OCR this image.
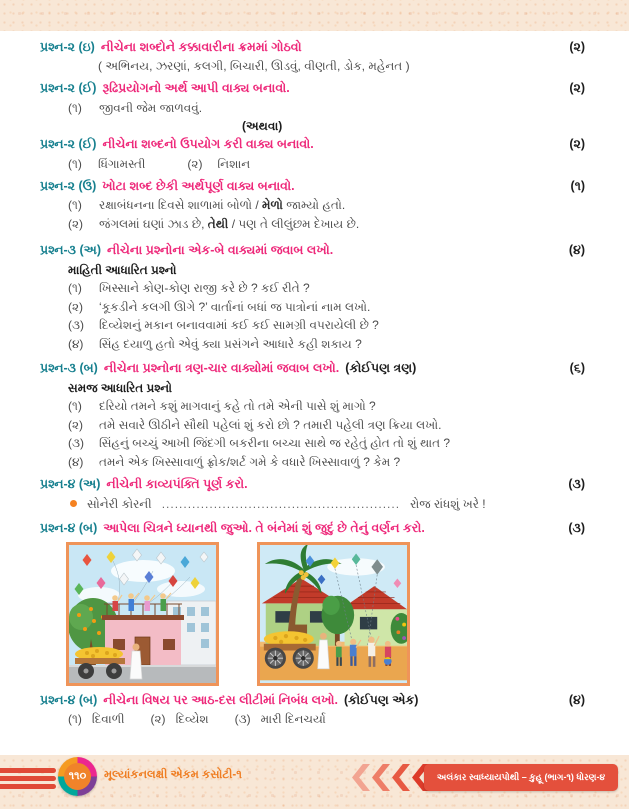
પ્રશ્ન-૨ (ઇ) નીચેના શબ્દોને કક્કાવારીના ક્રમમાં ગોઠવો	(૨)
( અભિનય, ઝરણાં, કલગી, બિચારી, ઊડવું, વીણતી, ડોક, મહેનત )
પ્રશ્ન-૨ (ઈ) રૂઢિપ્રયોગનો અર્થ આપી વાક્ય બનાવો.	(૨)
(૧)	જીવની જેમ જાળવવું.
(અથવા)
પ્રશ્ન-૨ (ઈ) નીચેના શબ્દનો ઉપયોગ કરી વાક્ય બનાવો.	(૨)
(૧)	ધિંગામસ્તી	(૨)	નિશાન
પ્રશ્ન-૨ (ઉ) ખોટા શબ્દ છેકી અર્થપૂર્ણ વાક્ય બનાવો.	(૧)
(૧)	રક્ષાબંધનના દિવસે શાળામાં બોળો / મેળો જામ્યો હતો.
(૨)	જંગલમાં ઘણાં ઝાડ છે, તેથી / પણ તે લીલુંછમ દેખાય છે.
પ્રશ્ન-૩ (અ) નીચેના પ્રશ્નોના એક-બે વાક્યમાં જવાબ લખો.	(૪)
માહિતી આધારિત પ્રશ્નો
(૧)	ખિસ્સાને કોણ-કોણ રાજી કરે છે ? કઈ રીતે ?
(૨)	‘કૂકડીને કલગી ઊગે ?’ વાર્તાનાં બધાં જ પાત્રોનાં નામ લખો.
(૩)	દિવ્યેશનું મકાન બનાવવામાં કઈ કઈ સામગ્રી વપરાયેલી છે ?
(૪)	સિંહ દયાળુ હતો એવું ક્યા પ્રસંગને આધારે કહી શકાય ?
પ્રશ્ન-૩ (બ) નીચેના પ્રશ્નોના ત્રણ-ચાર વાક્યોમાં જવાબ લખો. (કોઈપણ ત્રણ)	(૬)
સમજ આધારિત પ્રશ્નો
(૧)	દરિયો તમને કશું માગવાનું કહે તો તમે એની પાસે શું માગો ?
(૨)	તમે સવારે ઊઠીને સૌથી પહેલાં શું કરો છો ? તમારી પહેલી ત્રણ ક્રિયા લખો.
(૩)	સિંહનું બચ્ચું આખી જિંદગી બકરીના બચ્ચા સાથે જ રહેતું હોત તો શું થાત ?
(૪)	તમને એક ખિસ્સાવાળું ફ્રોક/શર્ટ ગમે કે વધારે ખિસ્સાવાળું ? કેમ ?
પ્રશ્ન-૪ (અ) નીચેની કાવ્યપંક્તિ પૂર્ણ કરો.	(૩)
સોનેરી કોરની ....................................................... રોજ રાંધશું ખરે !
પ્રશ્ન-૪ (બ) આપેલા ચિત્રને ધ્યાનથી જુઓ. તે બંનેમાં શું જુદું છે તેનું વર્ણન કરો.	(૩)
પ્રશ્ન-૪ (બ) નીચેના વિષય પર આઠ-દસ લીટીમાં નિબંધ લખો. (કોઈપણ એક)	(૪)
(૧) દિવાળી (૨) દિવ્યેશ (૩) મારી દિનચર્યા
૧૧૦	મૂલ્યાંકનલક્ષી એકમ કસોટી-૧	અલંકાર સ્વાધ્યાયપોથી – કુહૂ (ભાગ-૧) ધોરણ-૪
